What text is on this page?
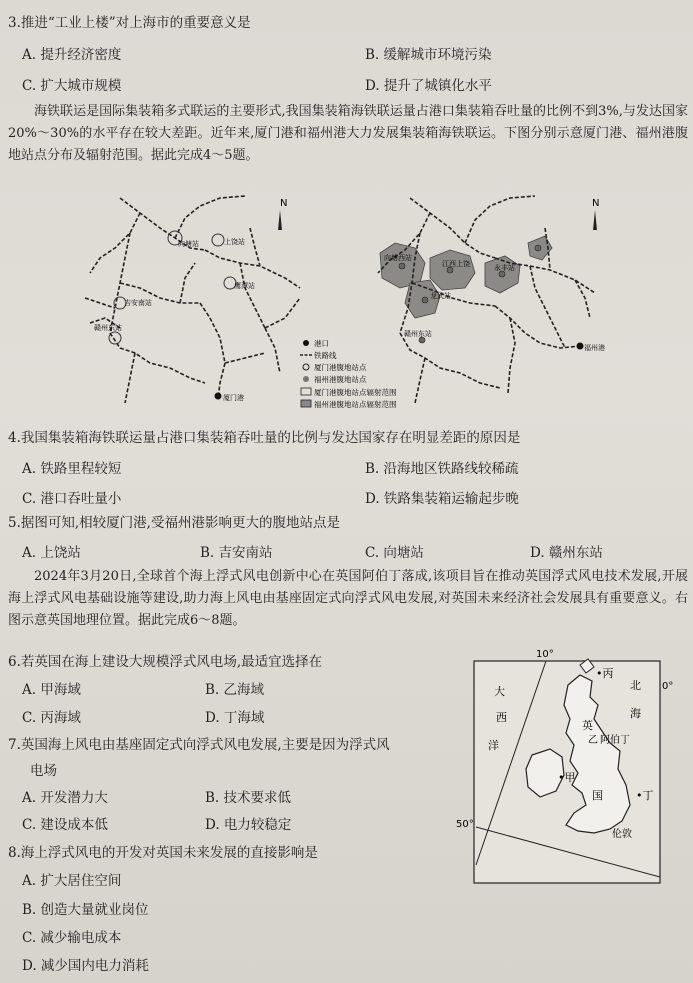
3.推进“工业上楼”对上海市的重要意义是
A. 提升经济密度	B. 缓解城市环境污染
C. 扩大城市规模	D. 提升了城镇化水平
海铁联运是国际集装箱多式联运的主要形式,我国集装箱海铁联运量占港口集装箱吞吐量的比例不到3%,与发达国家20%～30%的水平存在较大差距。近年来,厦门港和福州港大力发展集装箱海铁联运。下图分别示意厦门港、福州港腹地站点分布及辐射范围。据此完成4～5题。
N
向塘站	上饶站
鹰潭站
吉安南站
赣州东站
厦门港
港口
铁路线
厦门港腹地站点
福州港腹地站点
厦门港腹地站点辐射范围
福州港腹地站点辐射范围
N
向塘西站
江西上饶	永丰站
龙武站
赣州东站
福州港
4.我国集装箱海铁联运量占港口集装箱吞吐量的比例与发达国家存在明显差距的原因是
A. 铁路里程较短	B. 沿海地区铁路线较稀疏
C. 港口吞吐量小	D. 铁路集装箱运输起步晚
5.据图可知,相较厦门港,受福州港影响更大的腹地站点是
A. 上饶站	B. 吉安南站	C. 向塘站	D. 赣州东站
2024年3月20日,全球首个海上浮式风电创新中心在英国阿伯丁落成,该项目旨在推动英国浮式风电技术发展,开展海上浮式风电基础设施等建设,助力海上风电由基座固定式向浮式风电发展,对英国未来经济社会发展具有重要意义。右图示意英国地理位置。据此完成6～8题。
6.若英国在海上建设大规模浮式风电场,最适宜选择在
A. 甲海域	B. 乙海域
C. 丙海域	D. 丁海域
7.英国海上风电由基座固定式向浮式风电发展,主要是因为浮式风
电场
A. 开发潜力大	B. 技术要求低
C. 建设成本低	D. 电力较稳定
8.海上浮式风电的开发对英国未来发展的直接影响是
A. 扩大居住空间
B. 创造大量就业岗位
C. 减少输电成本
D. 减少国内电力消耗
10°
0°
50°
•丙
北
海
大
西
洋
英
乙 阿伯丁
•甲
国	•丁
伦敦
